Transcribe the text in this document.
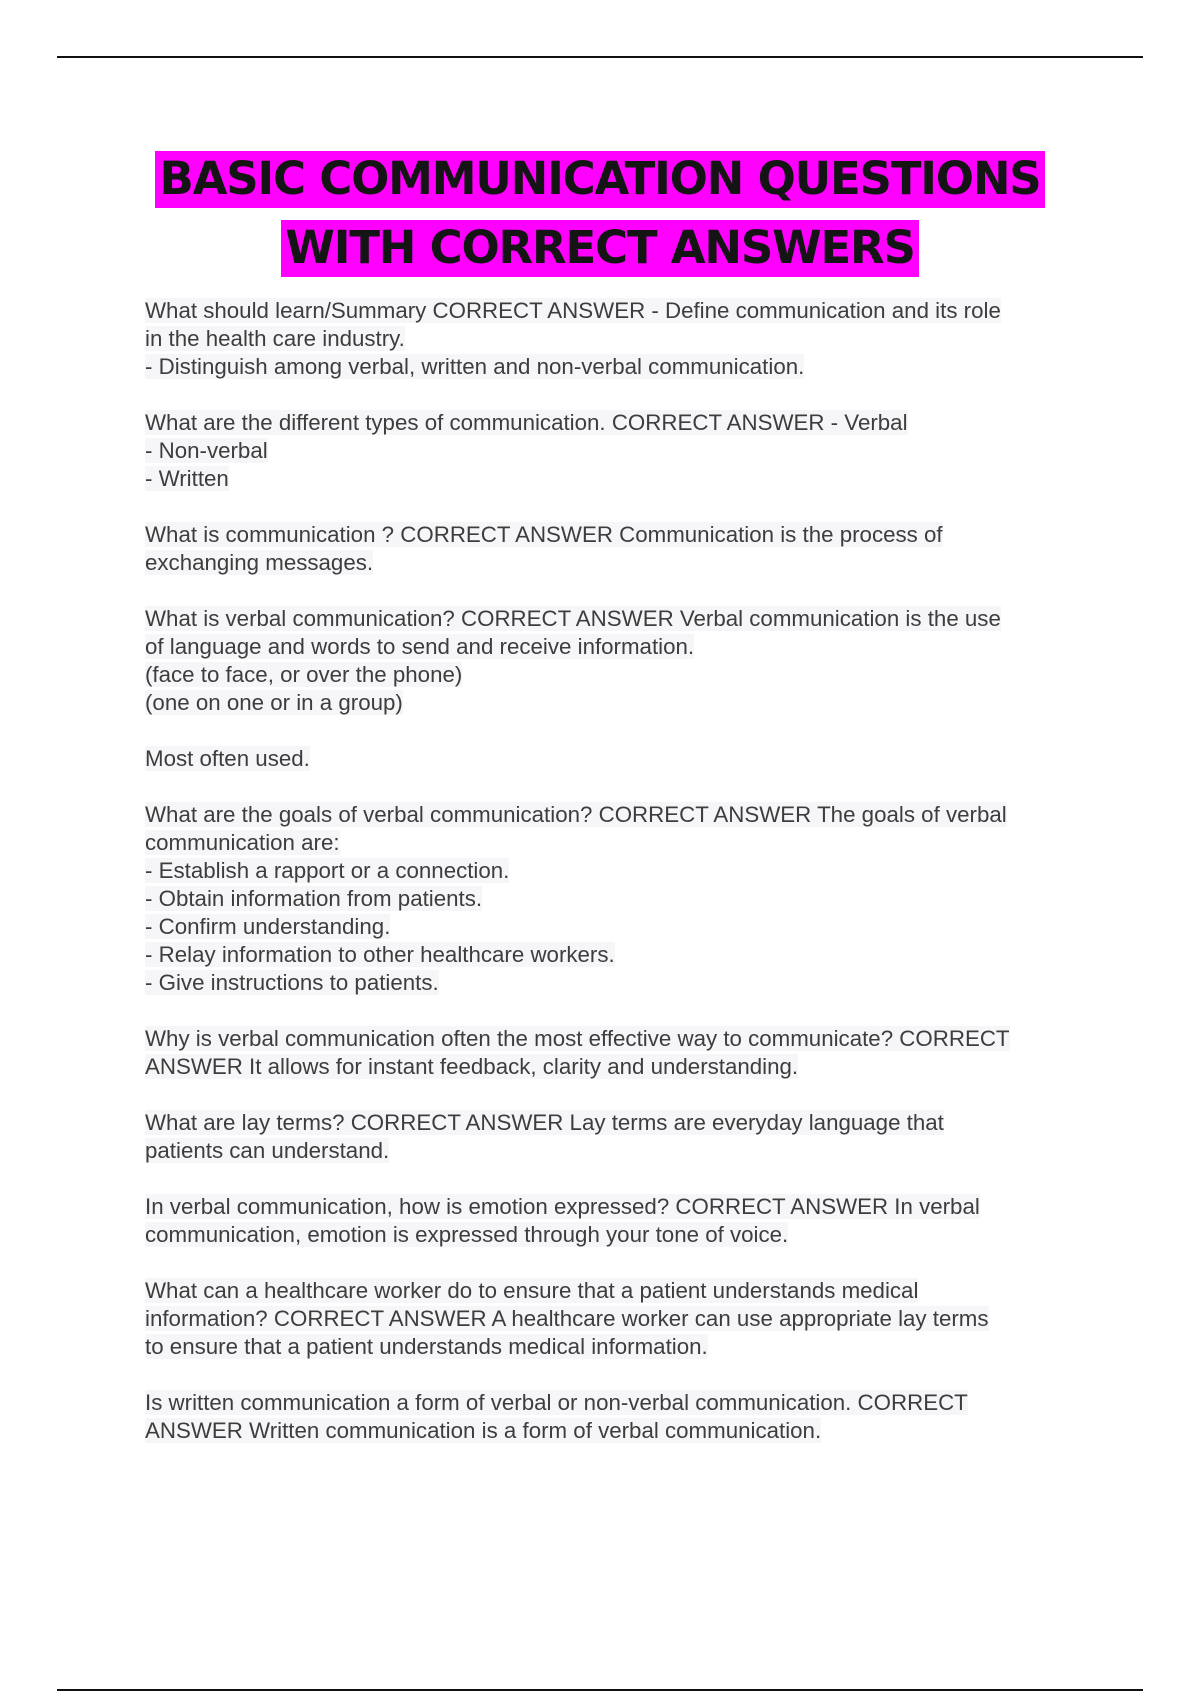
BASIC COMMUNICATION QUESTIONS
WITH CORRECT ANSWERS
What should learn/Summary CORRECT ANSWER - Define communication and its role
in the health care industry.
- Distinguish among verbal, written and non-verbal communication.
What are the different types of communication. CORRECT ANSWER - Verbal
- Non-verbal
- Written
What is communication ? CORRECT ANSWER Communication is the process of
exchanging messages.
What is verbal communication? CORRECT ANSWER Verbal communication is the use
of language and words to send and receive information.
(face to face, or over the phone)
(one on one or in a group)
Most often used.
What are the goals of verbal communication? CORRECT ANSWER The goals of verbal
communication are:
- Establish a rapport or a connection.
- Obtain information from patients.
- Confirm understanding.
- Relay information to other healthcare workers.
- Give instructions to patients.
Why is verbal communication often the most effective way to communicate? CORRECT
ANSWER It allows for instant feedback, clarity and understanding.
What are lay terms? CORRECT ANSWER Lay terms are everyday language that
patients can understand.
In verbal communication, how is emotion expressed? CORRECT ANSWER In verbal
communication, emotion is expressed through your tone of voice.
What can a healthcare worker do to ensure that a patient understands medical
information? CORRECT ANSWER A healthcare worker can use appropriate lay terms
to ensure that a patient understands medical information.
Is written communication a form of verbal or non-verbal communication. CORRECT
ANSWER Written communication is a form of verbal communication.
